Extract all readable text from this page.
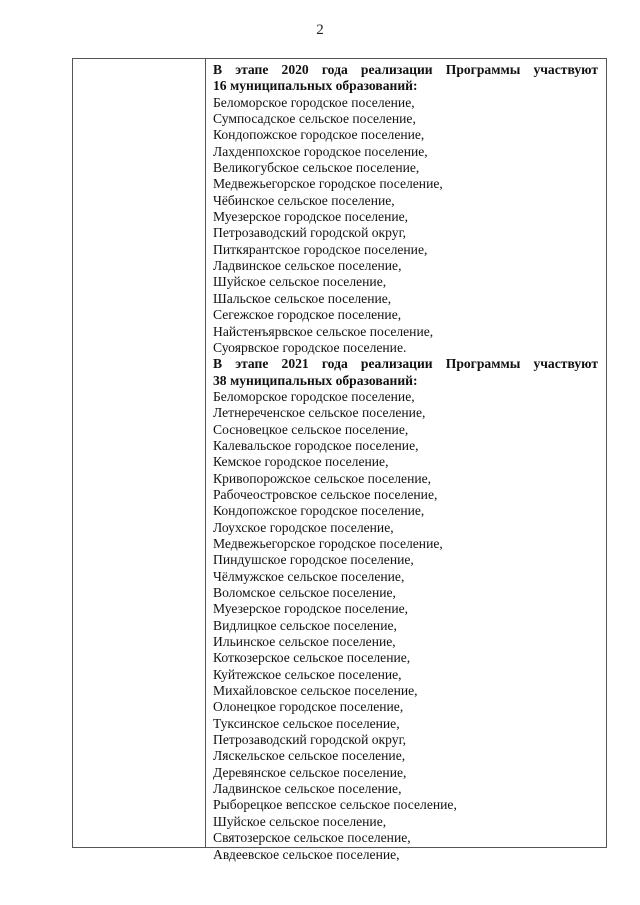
2
В этапе 2020 года реализации Программы участвуют
16 муниципальных образований:
Беломорское городское поселение,
Сумпосадское сельское поселение,
Кондопожское городское поселение,
Лахденпохское городское поселение,
Великогубское сельское поселение,
Медвежьегорское городское поселение,
Чёбинское сельское поселение,
Муезерское городское поселение,
Петрозаводский городской округ,
Питкярантское городское поселение,
Ладвинское сельское поселение,
Шуйское сельское поселение,
Шальское сельское поселение,
Сегежское городское поселение,
Найстенъярвское сельское поселение,
Суоярвское городское поселение.
В этапе 2021 года реализации Программы участвуют
38 муниципальных образований:
Беломорское городское поселение,
Летнереченское сельское поселение,
Сосновецкое сельское поселение,
Калевальское городское поселение,
Кемское городское поселение,
Кривопорожское сельское поселение,
Рабочеостровское сельское поселение,
Кондопожское городское поселение,
Лоухское городское поселение,
Медвежьегорское городское поселение,
Пиндушское городское поселение,
Чёлмужское сельское поселение,
Воломское сельское поселение,
Муезерское городское поселение,
Видлицкое сельское поселение,
Ильинское сельское поселение,
Коткозерское сельское поселение,
Куйтежское сельское поселение,
Михайловское сельское поселение,
Олонецкое городское поселение,
Туксинское сельское поселение,
Петрозаводский городской округ,
Ляскельское сельское поселение,
Деревянское сельское поселение,
Ладвинское сельское поселение,
Рыборецкое вепсское сельское поселение,
Шуйское сельское поселение,
Святозерское сельское поселение,
Авдеевское сельское поселение,
